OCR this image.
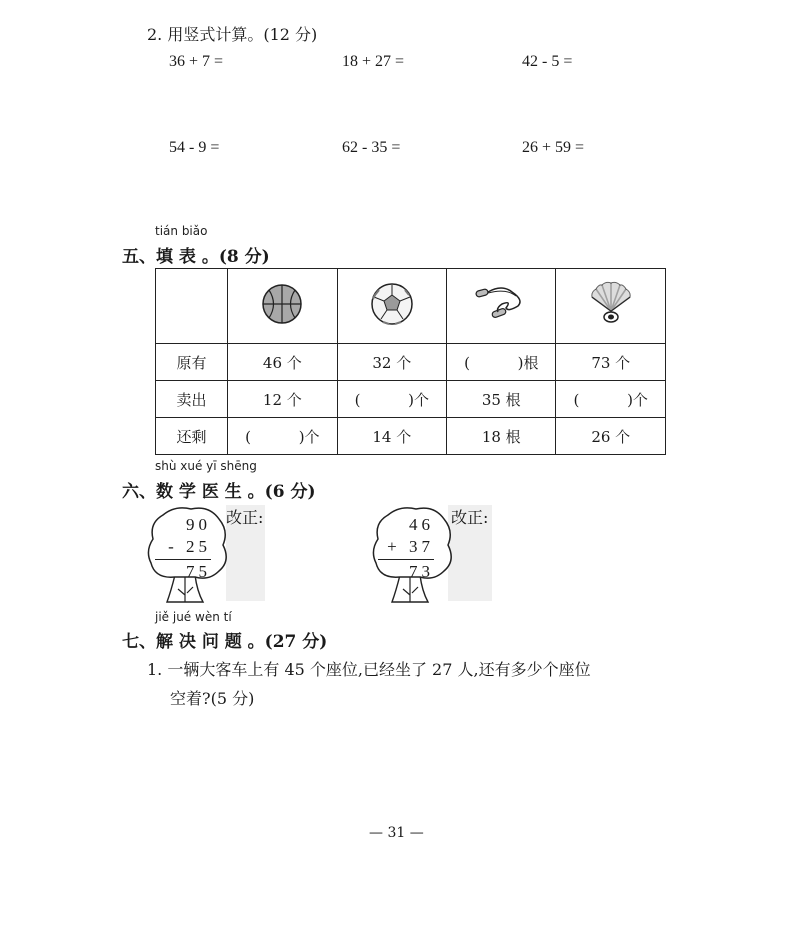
2. 用竖式计算。(12 分)
36 + 7 =	18 + 27 =	42 - 5 =
54 - 9 =	62 - 35 =	26 + 59 =
tián biǎo
五、填 表 。(8 分)

原有	46 个	32 个	(          )根	73 个
卖出	12 个	(          )个	35 根	(          )个
还剩	(          )个	14 个	18 根	26 个
shù xué yī shēng
六、数 学 医 生 。(6 分)
90
- 25
75
46
+ 37
73
改正:	改正:
jiě jué wèn tí
七、解 决 问 题 。(27 分)
1. 一辆大客车上有 45 个座位,已经坐了 27 人,还有多少个座位
空着?(5 分)
— 31 —
